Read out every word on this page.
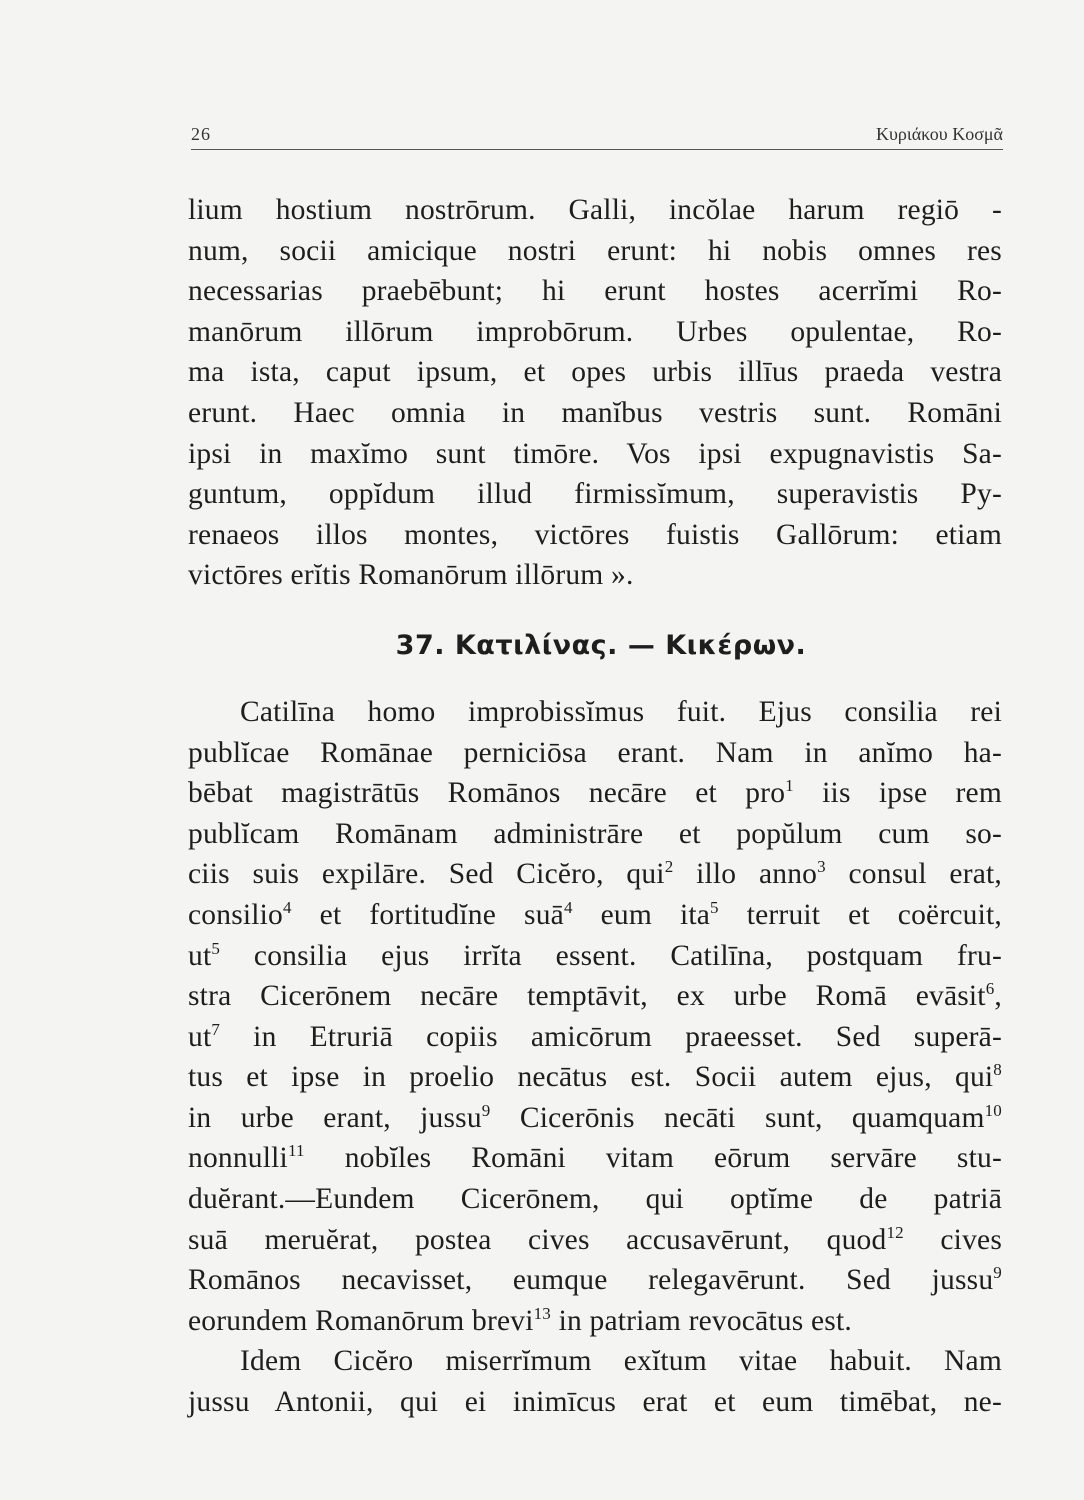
26	Κυριάκου Κοσμᾶ
lium hostium nostrōrum. Galli, incŏlae harum regiō -
num, socii amicique nostri erunt: hi nobis omnes res
necessarias praebēbunt; hi erunt hostes acerrĭmi Ro-
manōrum illōrum improbōrum. Urbes opulentae, Ro-
ma ista, caput ipsum, et opes urbis illīus praeda vestra
erunt. Haec omnia in manĭbus vestris sunt. Romāni
ipsi in maxĭmo sunt timōre. Vos ipsi expugnavistis Sa-
guntum, oppĭdum illud firmissĭmum, superavistis Py-
renaeos illos montes, victōres fuistis Gallōrum: etiam
victōres erĭtis Romanōrum illōrum ».
37. Κατιλίνας. — Κικέρων.
Catilīna homo improbissĭmus fuit. Ejus consilia rei
publĭcae Romānae perniciōsa erant. Nam in anĭmo ha-
bēbat magistrātūs Romānos necāre et pro$^1$ iis ipse rem
publĭcam Romānam administrāre et popŭlum cum so-
ciis suis expilāre. Sed Cicĕro, qui$^2$ illo anno$^3$ consul erat,
consilio$^4$ et fortitudĭne suā$^4$ eum ita$^5$ terruit et coërcuit,
$ut^5$ consilia ejus irrĭta essent. Catilīna, postquam fru-
stra Cicerōnem necāre temptāvit, ex urbe Romā evāsit$^6$,
$ut^7$ in Etruriā copiis amicōrum praeesset. Sed superā-
tus et ipse in proelio necātus est. Socii autem ejus, qui$^8$
in urbe erant, jussu$^9$ Cicerōnis necāti sunt, quamquam$^{10}$
nonnulli$^{11}$ nobĭles Romāni vitam eōrum servāre stu-
duĕrant.—Eundem Cicerōnem, qui optĭme de patriā
suā meruĕrat, postea cives accusavērunt, quod$^{12}$ cives
Romānos necavisset, eumque relegavērunt. Sed jussu$^9$
eorundem Romanōrum brevi$^{13}$ in patriam revocātus est.
Idem Cicĕro miserrĭmum exĭtum vitae habuit. Nam
jussu Antonii, qui ei inimīcus erat et eum timēbat, ne-
